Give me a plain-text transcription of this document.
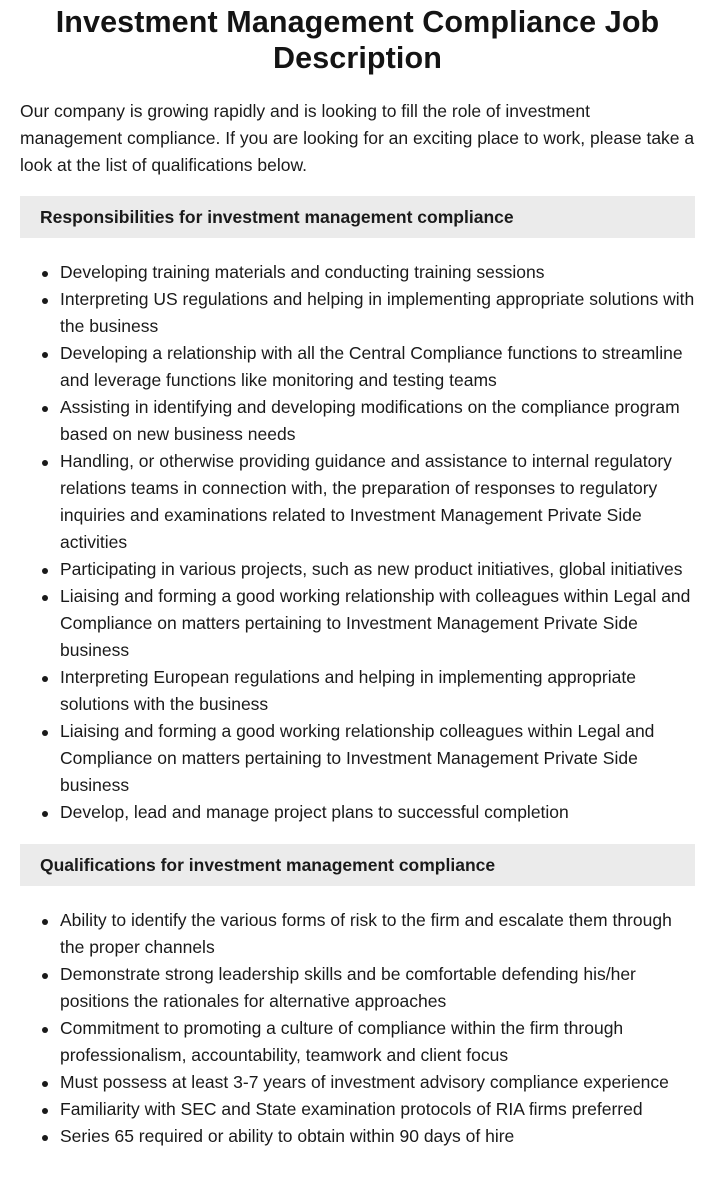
Investment Management Compliance Job Description

Our company is growing rapidly and is looking to fill the role of investment management compliance. If you are looking for an exciting place to work, please take a look at the list of qualifications below.

Responsibilities for investment management compliance
Developing training materials and conducting training sessions
Interpreting US regulations and helping in implementing appropriate solutions with the business
Developing a relationship with all the Central Compliance functions to streamline and leverage functions like monitoring and testing teams
Assisting in identifying and developing modifications on the compliance program based on new business needs
Handling, or otherwise providing guidance and assistance to internal regulatory relations teams in connection with, the preparation of responses to regulatory inquiries and examinations related to Investment Management Private Side activities
Participating in various projects, such as new product initiatives, global initiatives
Liaising and forming a good working relationship with colleagues within Legal and Compliance on matters pertaining to Investment Management Private Side business
Interpreting European regulations and helping in implementing appropriate solutions with the business
Liaising and forming a good working relationship colleagues within Legal and Compliance on matters pertaining to Investment Management Private Side business
Develop, lead and manage project plans to successful completion
Qualifications for investment management compliance
Ability to identify the various forms of risk to the firm and escalate them through the proper channels
Demonstrate strong leadership skills and be comfortable defending his/her positions the rationales for alternative approaches
Commitment to promoting a culture of compliance within the firm through professionalism, accountability, teamwork and client focus
Must possess at least 3-7 years of investment advisory compliance experience
Familiarity with SEC and State examination protocols of RIA firms preferred
Series 65 required or ability to obtain within 90 days of hire
